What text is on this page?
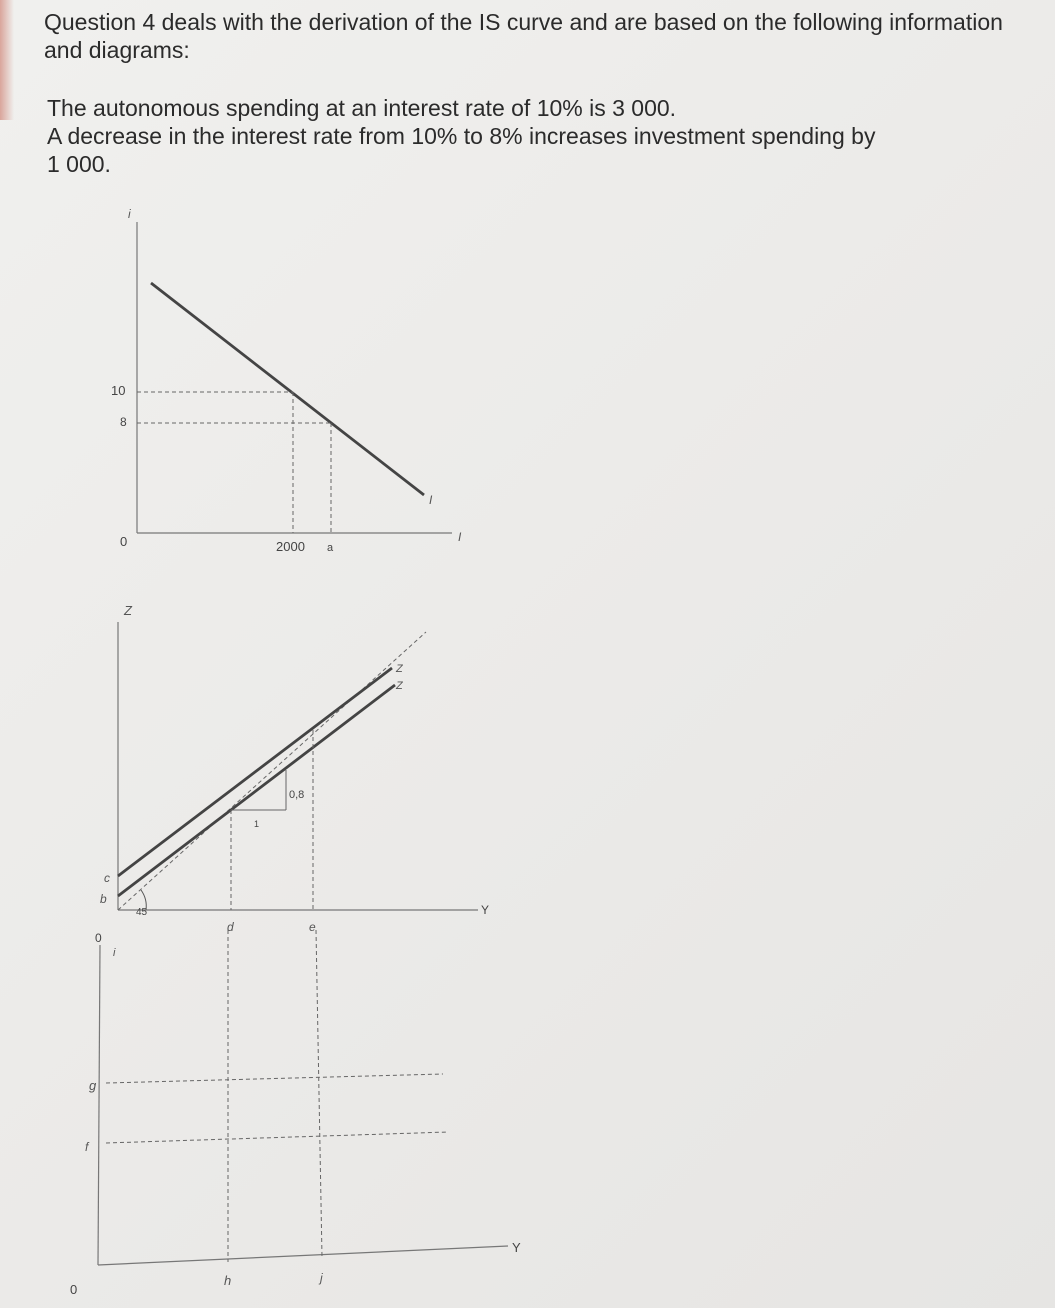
Question 4 deals with the derivation of the IS curve and are based on the following information
and diagrams:
The autonomous spending at an interest rate of 10% is 3 000.
A decrease in the interest rate from 10% to 8% increases investment spending by
1 000.
i
I
I
10
8
0	2000 a
Z
Y
Z
Z
c
b
0
45
1
0,8
d	e
i
Y
g
f
0
h	j
